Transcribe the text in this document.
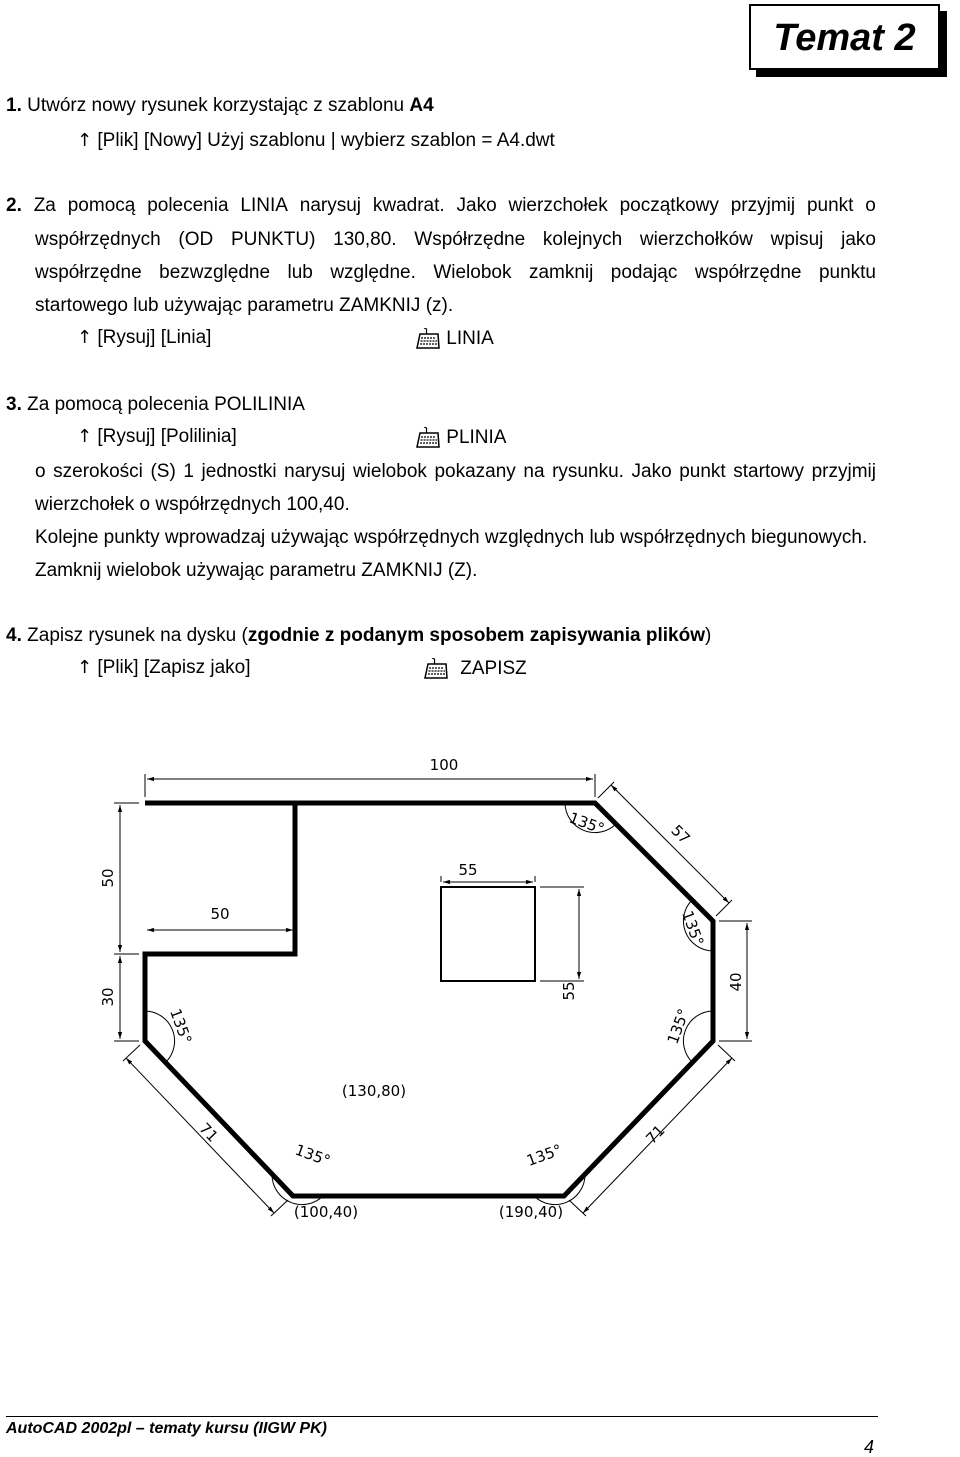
Temat 2
1. Utwórz nowy rysunek korzystając z szablonu A4
↑ [Plik] [Nowy] Użyj szablonu | wybierz szablon = A4.dwt
2. Za pomocą polecenia LINIA narysuj kwadrat. Jako wierzchołek początkowy przyjmij punkt o
współrzędnych (OD PUNKTU) 130,80. Współrzędne kolejnych wierzchołków wpisuj jako
współrzędne bezwzględne lub względne. Wielobok zamknij podając współrzędne punktu
startowego lub używając parametru ZAMKNIJ (z).
↑ [Rysuj] [Linia]	LINIA
3. Za pomocą polecenia POLILINIA
↑ [Rysuj] [Polilinia]	PLINIA
o szerokości (S) 1 jednostki narysuj wielobok pokazany na rysunku. Jako punkt startowy przyjmij
wierzchołek o współrzędnych 100,40.
Kolejne punkty wprowadzaj używając współrzędnych względnych lub współrzędnych biegunowych.
Zamknij wielobok używając parametru ZAMKNIJ (Z).
4. Zapisz rysunek na dysku (zgodnie z podanym sposobem zapisywania plików)
↑ [Plik] [Zapisz jako]	ZAPISZ
100
55
55
50
30
50
40
57
71	71
135°
135°
135°
135°
135°	135°
(130,80)
(100,40)	(190,40)
AutoCAD 2002pl – tematy kursu (IIGW PK)
4
